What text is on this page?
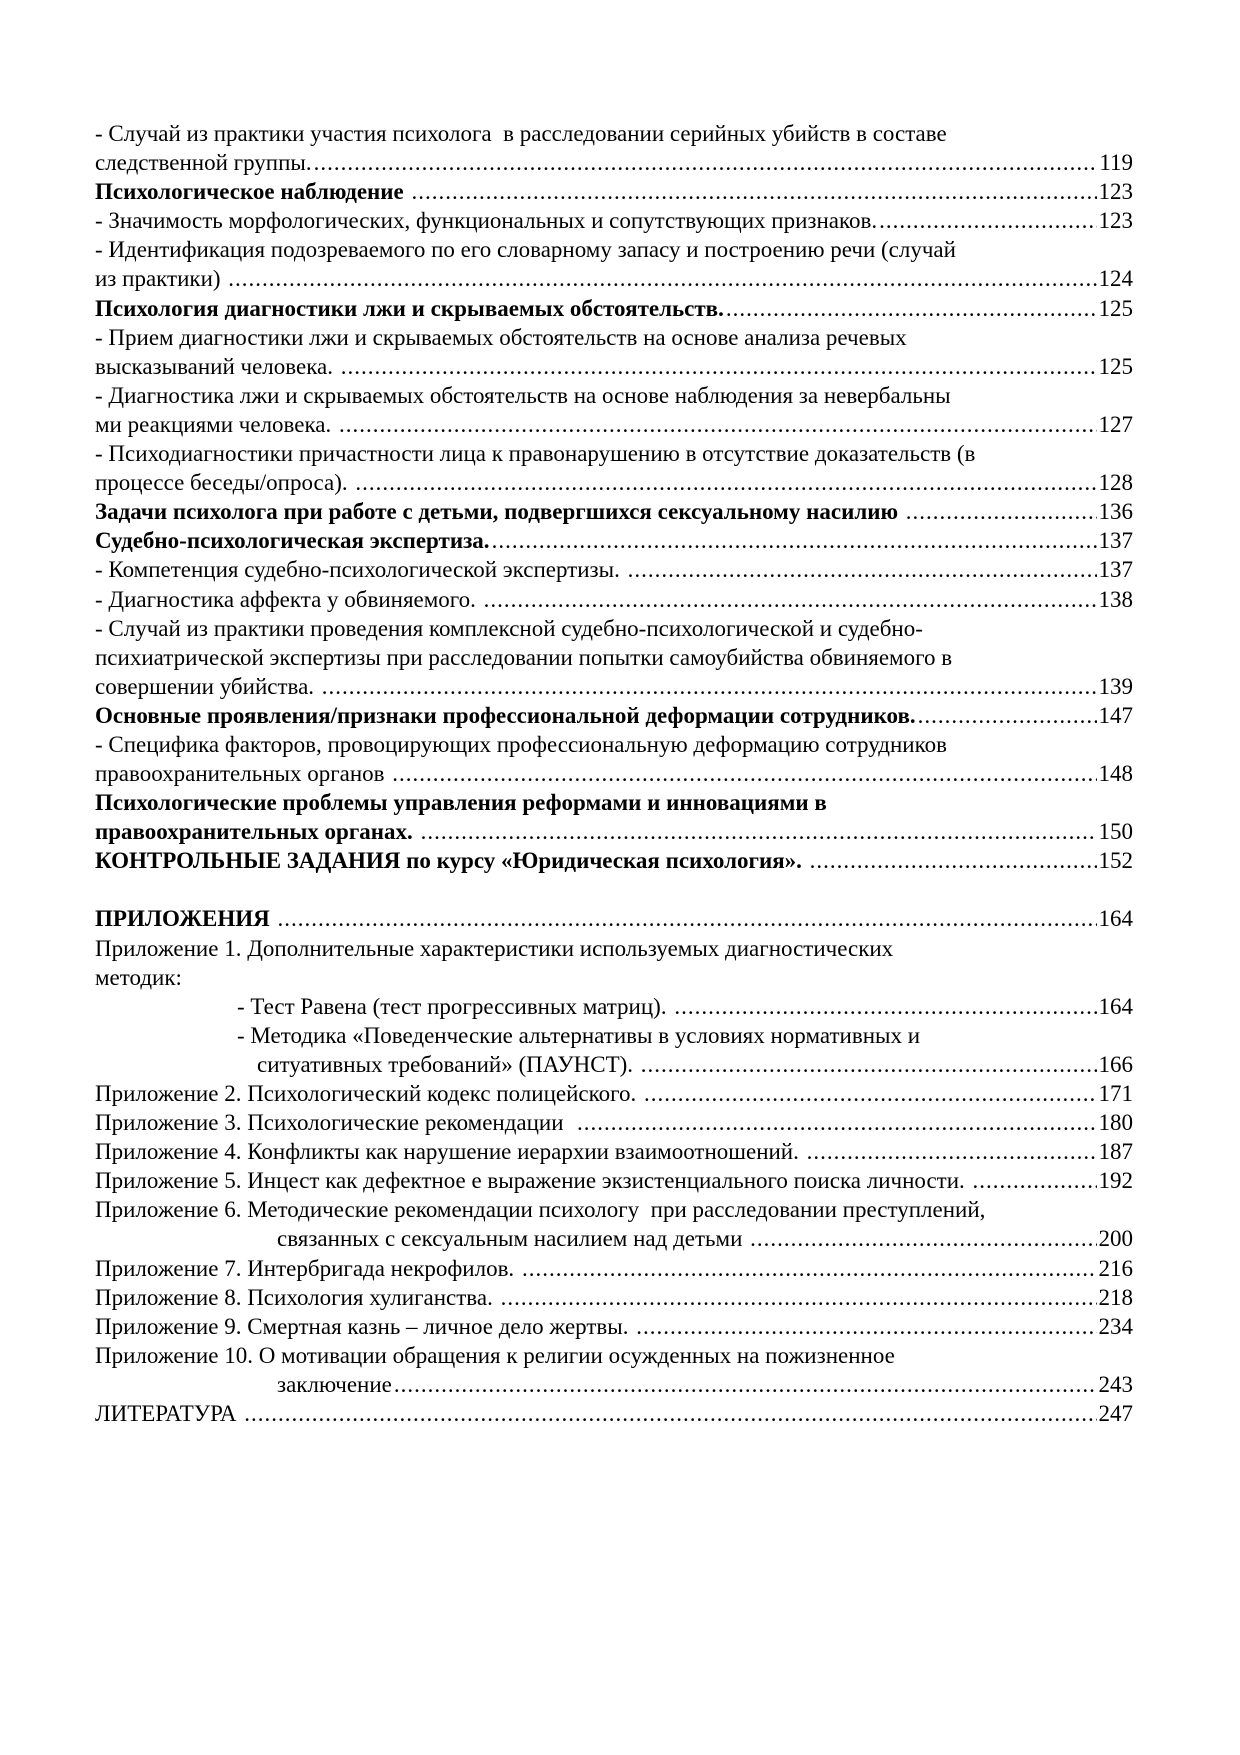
- Случай из практики участия психолога  в расследовании серийных убийств в составе
следственной группы. .....	119
Психологическое наблюдение .....	123
- Значимость морфологических, функциональных и сопутствующих признаков. .....	123
- Идентификация подозреваемого по его словарному запасу и построению речи (случай
из практики) .....	124
Психология диагностики лжи и скрываемых обстоятельств. .....	125
- Прием диагностики лжи и скрываемых обстоятельств на основе анализа речевых
высказываний человека. .....	125
- Диагностика лжи и скрываемых обстоятельств на основе наблюдения за невербальны
ми реакциями человека. .....	127
- Психодиагностики причастности лица к правонарушению в отсутствие доказательств (в
процессе беседы/опроса). .....	128
Задачи психолога при работе с детьми, подвергшихся сексуальному насилию .....	136
Судебно-психологическая экспертиза. .....	137
- Компетенция судебно-психологической экспертизы. .....	137
- Диагностика аффекта у обвиняемого. .....	138
- Случай из практики проведения комплексной судебно-психологической и судебно-
психиатрической экспертизы при расследовании попытки самоубийства обвиняемого в
совершении убийства. .....	139
Основные проявления/признаки профессиональной деформации сотрудников. .....	147
- Специфика факторов, провоцирующих профессиональную деформацию сотрудников
правоохранительных органов .....	148
Психологические проблемы управления реформами и инновациями в
правоохранительных органах. .....	150
КОНТРОЛЬНЫЕ ЗАДАНИЯ по курсу «Юридическая психология». .....	152
ПРИЛОЖЕНИЯ .....	164
Приложение 1. Дополнительные характеристики используемых диагностических
методик:
- Тест Равена (тест прогрессивных матриц). .....	164
- Методика «Поведенческие альтернативы в условиях нормативных и
ситуативных требований» (ПАУНСТ). .....	166
Приложение 2. Психологический кодекс полицейского. .....	171
Приложение 3. Психологические рекомендации .....	180
Приложение 4. Конфликты как нарушение иерархии взаимоотношений. .....	187
Приложение 5. Инцест как дефектное е выражение экзистенциального поиска личности. .....	192
Приложение 6. Методические рекомендации психологу  при расследовании преступлений,
связанных с сексуальным насилием над детьми .....	200
Приложение 7. Интербригада некрофилов. .....	216
Приложение 8. Психология хулиганства. .....	218
Приложение 9. Смертная казнь – личное дело жертвы. .....	234
Приложение 10. О мотивации обращения к религии осужденных на пожизненное
заключение .....	243
ЛИТЕРАТУРА .....	247
